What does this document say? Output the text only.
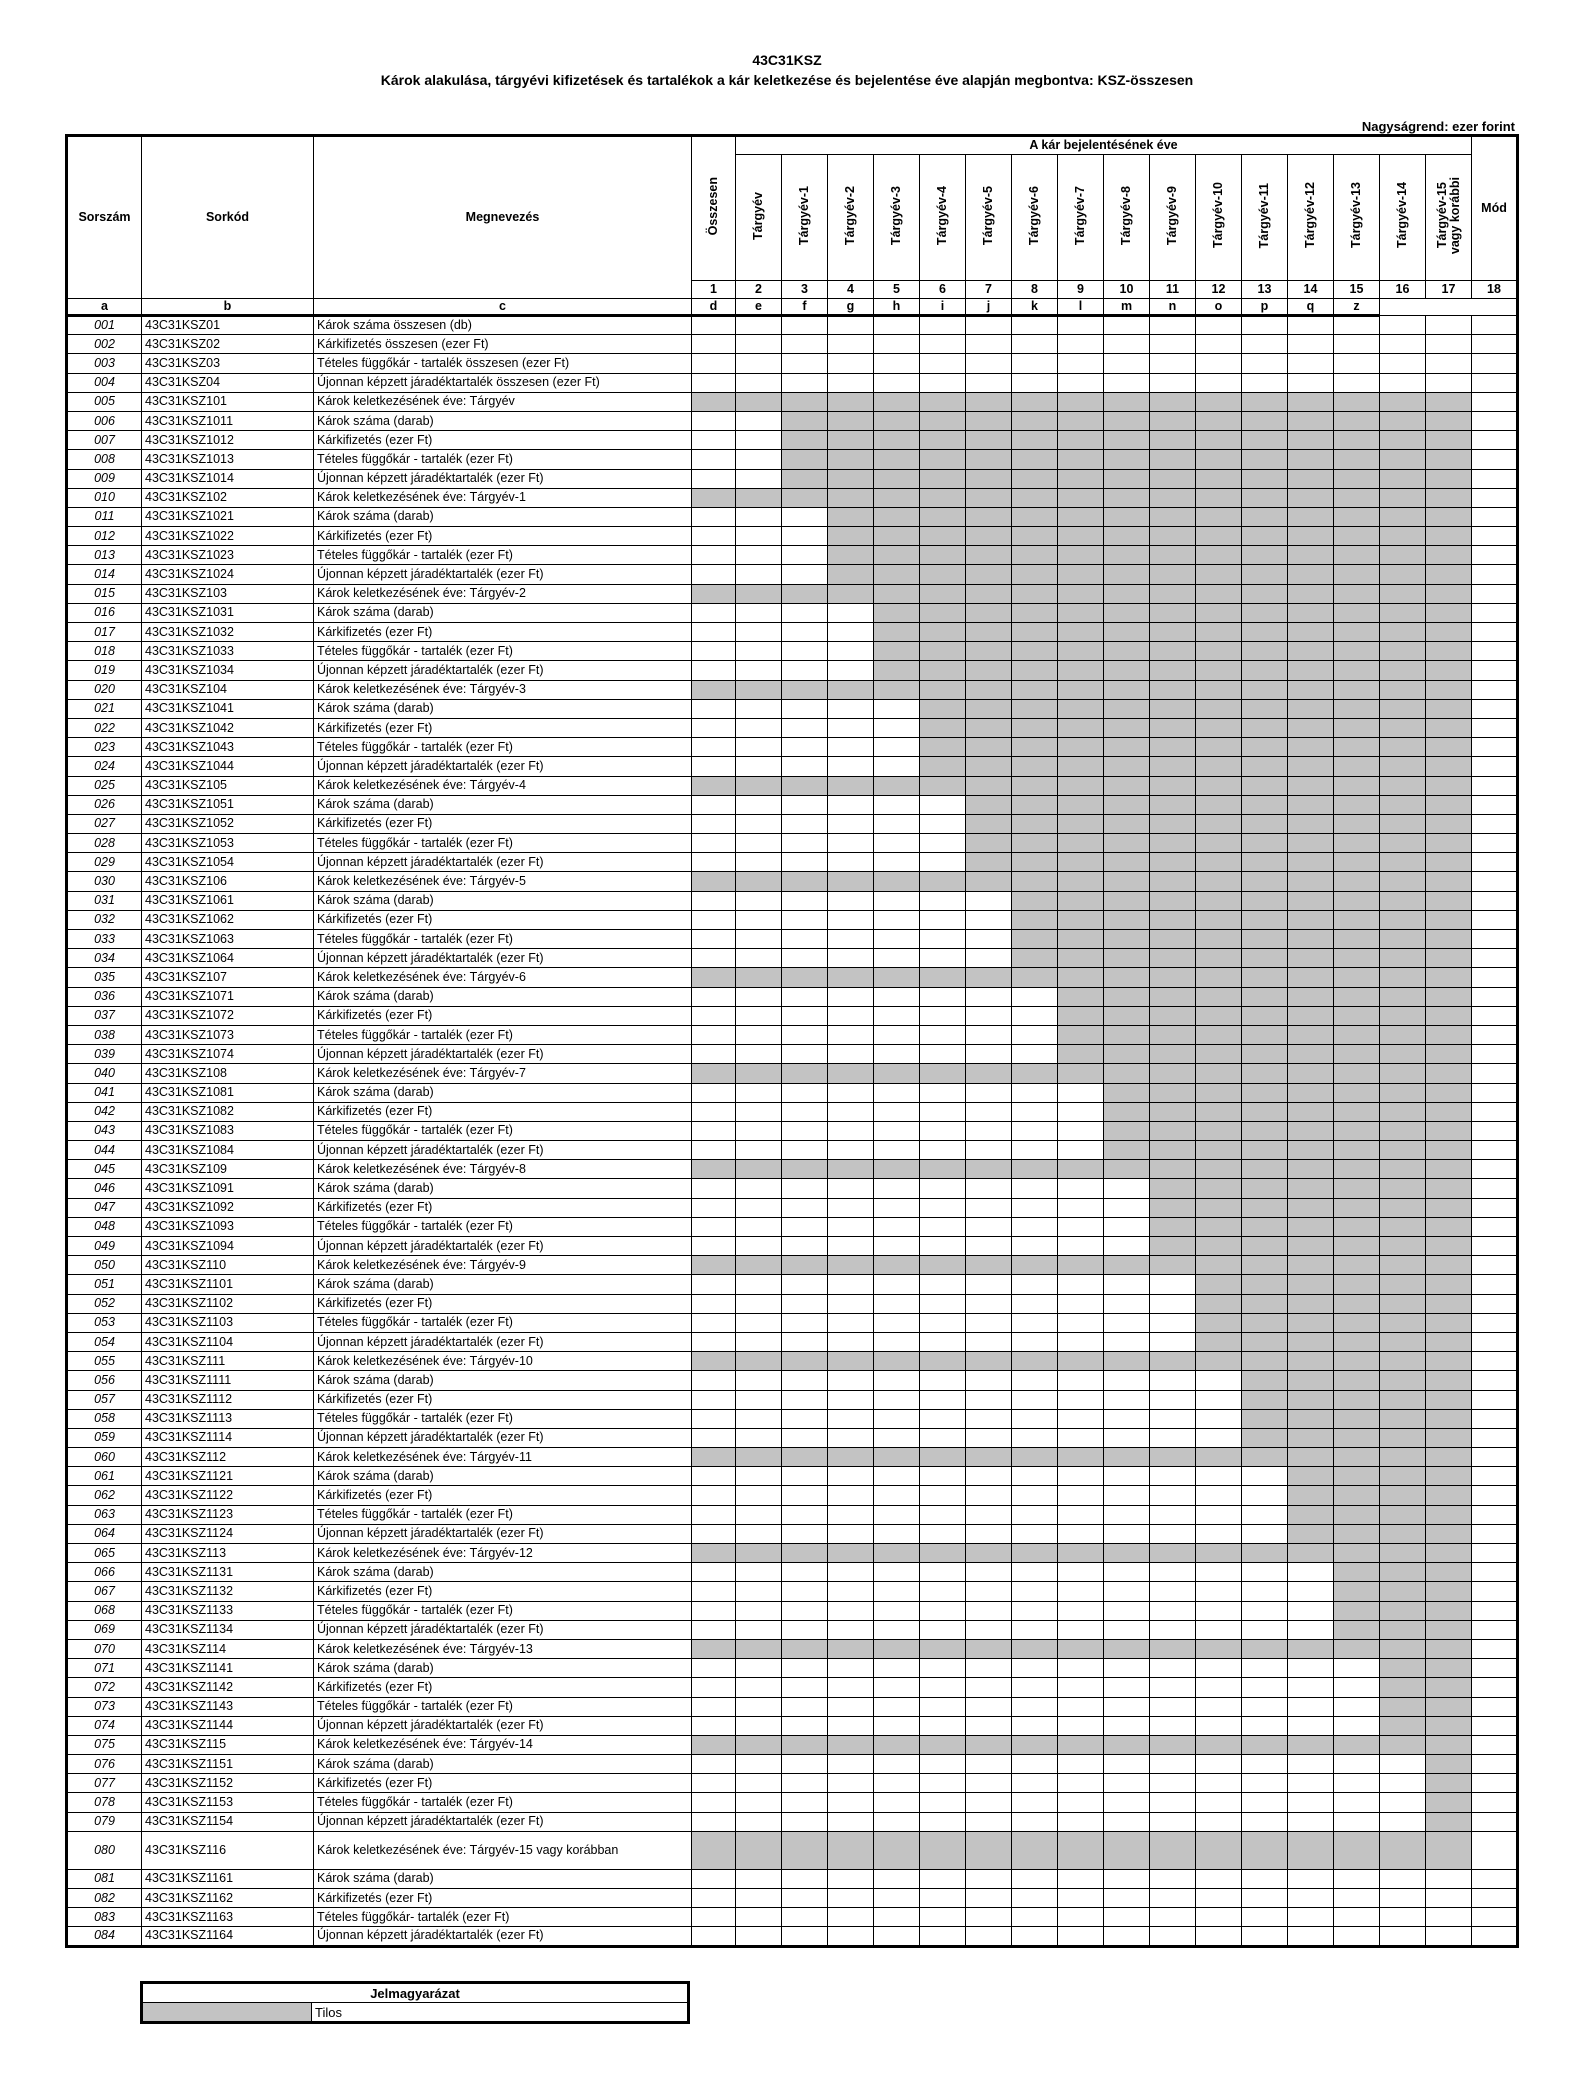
43C31KSZ
Károk alakulása, tárgyévi kifizetések és tartalékok a kár keletkezése és bejelentése éve alapján megbontva: KSZ-összesen
Nagyságrend: ezer forint
Sorszám	Sorkód	Megnevezés	Összesen	A kár bejelentésének éve																Mód
				Tárgyév	Tárgyév-1	Tárgyév-2	Tárgyév-3	Tárgyév-4	Tárgyév-5	Tárgyév-6	Tárgyév-7	Tárgyév-8	Tárgyév-9	Tárgyév-10	Tárgyév-11	Tárgyév-12	Tárgyév-13	Tárgyév-14	Tárgyév-15
vagy korábbi	
			1	2	3	4	5	6	7	8	9	10	11	12	13	14	15	16	17	18
a	b	c	d	e	f	g	h	i	j	k	l	m	n	o	p	q	z			
001	43C31KSZ01	Károk száma összesen (db)																		
002	43C31KSZ02	Kárkifizetés összesen (ezer Ft)																		
003	43C31KSZ03	Tételes függőkár - tartalék összesen (ezer Ft)																		
004	43C31KSZ04	Újonnan képzett járadéktartalék összesen (ezer Ft)																		
005	43C31KSZ101	Károk keletkezésének éve: Tárgyév																		
006	43C31KSZ1011	Károk száma (darab)																		
007	43C31KSZ1012	Kárkifizetés (ezer Ft)																		
008	43C31KSZ1013	Tételes függőkár - tartalék (ezer Ft)																		
009	43C31KSZ1014	Újonnan képzett járadéktartalék (ezer Ft)																		
010	43C31KSZ102	Károk keletkezésének éve: Tárgyév-1																		
011	43C31KSZ1021	Károk száma (darab)																		
012	43C31KSZ1022	Kárkifizetés (ezer Ft)																		
013	43C31KSZ1023	Tételes függőkár - tartalék (ezer Ft)																		
014	43C31KSZ1024	Újonnan képzett járadéktartalék (ezer Ft)																		
015	43C31KSZ103	Károk keletkezésének éve: Tárgyév-2																		
016	43C31KSZ1031	Károk száma (darab)																		
017	43C31KSZ1032	Kárkifizetés (ezer Ft)																		
018	43C31KSZ1033	Tételes függőkár - tartalék (ezer Ft)																		
019	43C31KSZ1034	Újonnan képzett járadéktartalék (ezer Ft)																		
020	43C31KSZ104	Károk keletkezésének éve: Tárgyév-3																		
021	43C31KSZ1041	Károk száma (darab)																		
022	43C31KSZ1042	Kárkifizetés (ezer Ft)																		
023	43C31KSZ1043	Tételes függőkár - tartalék (ezer Ft)																		
024	43C31KSZ1044	Újonnan képzett járadéktartalék (ezer Ft)																		
025	43C31KSZ105	Károk keletkezésének éve: Tárgyév-4																		
026	43C31KSZ1051	Károk száma (darab)																		
027	43C31KSZ1052	Kárkifizetés (ezer Ft)																		
028	43C31KSZ1053	Tételes függőkár - tartalék (ezer Ft)																		
029	43C31KSZ1054	Újonnan képzett járadéktartalék (ezer Ft)																		
030	43C31KSZ106	Károk keletkezésének éve: Tárgyév-5																		
031	43C31KSZ1061	Károk száma (darab)																		
032	43C31KSZ1062	Kárkifizetés (ezer Ft)																		
033	43C31KSZ1063	Tételes függőkár - tartalék (ezer Ft)																		
034	43C31KSZ1064	Újonnan képzett járadéktartalék (ezer Ft)																		
035	43C31KSZ107	Károk keletkezésének éve: Tárgyév-6																		
036	43C31KSZ1071	Károk száma (darab)																		
037	43C31KSZ1072	Kárkifizetés (ezer Ft)																		
038	43C31KSZ1073	Tételes függőkár - tartalék (ezer Ft)																		
039	43C31KSZ1074	Újonnan képzett járadéktartalék (ezer Ft)																		
040	43C31KSZ108	Károk keletkezésének éve: Tárgyév-7																		
041	43C31KSZ1081	Károk száma (darab)																		
042	43C31KSZ1082	Kárkifizetés (ezer Ft)																		
043	43C31KSZ1083	Tételes függőkár - tartalék (ezer Ft)																		
044	43C31KSZ1084	Újonnan képzett járadéktartalék (ezer Ft)																		
045	43C31KSZ109	Károk keletkezésének éve: Tárgyév-8																		
046	43C31KSZ1091	Károk száma (darab)																		
047	43C31KSZ1092	Kárkifizetés (ezer Ft)																		
048	43C31KSZ1093	Tételes függőkár - tartalék (ezer Ft)																		
049	43C31KSZ1094	Újonnan képzett járadéktartalék (ezer Ft)																		
050	43C31KSZ110	Károk keletkezésének éve: Tárgyév-9																		
051	43C31KSZ1101	Károk száma (darab)																		
052	43C31KSZ1102	Kárkifizetés (ezer Ft)																		
053	43C31KSZ1103	Tételes függőkár - tartalék (ezer Ft)																		
054	43C31KSZ1104	Újonnan képzett járadéktartalék (ezer Ft)																		
055	43C31KSZ111	Károk keletkezésének éve: Tárgyév-10																		
056	43C31KSZ1111	Károk száma (darab)																		
057	43C31KSZ1112	Kárkifizetés (ezer Ft)																		
058	43C31KSZ1113	Tételes függőkár - tartalék (ezer Ft)																		
059	43C31KSZ1114	Újonnan képzett járadéktartalék (ezer Ft)																		
060	43C31KSZ112	Károk keletkezésének éve: Tárgyév-11																		
061	43C31KSZ1121	Károk száma (darab)																		
062	43C31KSZ1122	Kárkifizetés (ezer Ft)																		
063	43C31KSZ1123	Tételes függőkár - tartalék (ezer Ft)																		
064	43C31KSZ1124	Újonnan képzett járadéktartalék (ezer Ft)																		
065	43C31KSZ113	Károk keletkezésének éve: Tárgyév-12																		
066	43C31KSZ1131	Károk száma (darab)																		
067	43C31KSZ1132	Kárkifizetés (ezer Ft)																		
068	43C31KSZ1133	Tételes függőkár - tartalék (ezer Ft)																		
069	43C31KSZ1134	Újonnan képzett járadéktartalék (ezer Ft)																		
070	43C31KSZ114	Károk keletkezésének éve: Tárgyév-13																		
071	43C31KSZ1141	Károk száma (darab)																		
072	43C31KSZ1142	Kárkifizetés (ezer Ft)																		
073	43C31KSZ1143	Tételes függőkár - tartalék (ezer Ft)																		
074	43C31KSZ1144	Újonnan képzett járadéktartalék (ezer Ft)																		
075	43C31KSZ115	Károk keletkezésének éve: Tárgyév-14																		
076	43C31KSZ1151	Károk száma (darab)																		
077	43C31KSZ1152	Kárkifizetés (ezer Ft)																		
078	43C31KSZ1153	Tételes függőkár - tartalék (ezer Ft)																		
079	43C31KSZ1154	Újonnan képzett járadéktartalék (ezer Ft)																		
080	43C31KSZ116	Károk keletkezésének éve: Tárgyév-15 vagy korábban																		
081	43C31KSZ1161	Károk száma (darab)																		
082	43C31KSZ1162	Kárkifizetés (ezer Ft)																		
083	43C31KSZ1163	Tételes függőkár- tartalék (ezer Ft)																		
084	43C31KSZ1164	Újonnan képzett járadéktartalék (ezer Ft)																		
Jelmagyarázat
	Tilos
